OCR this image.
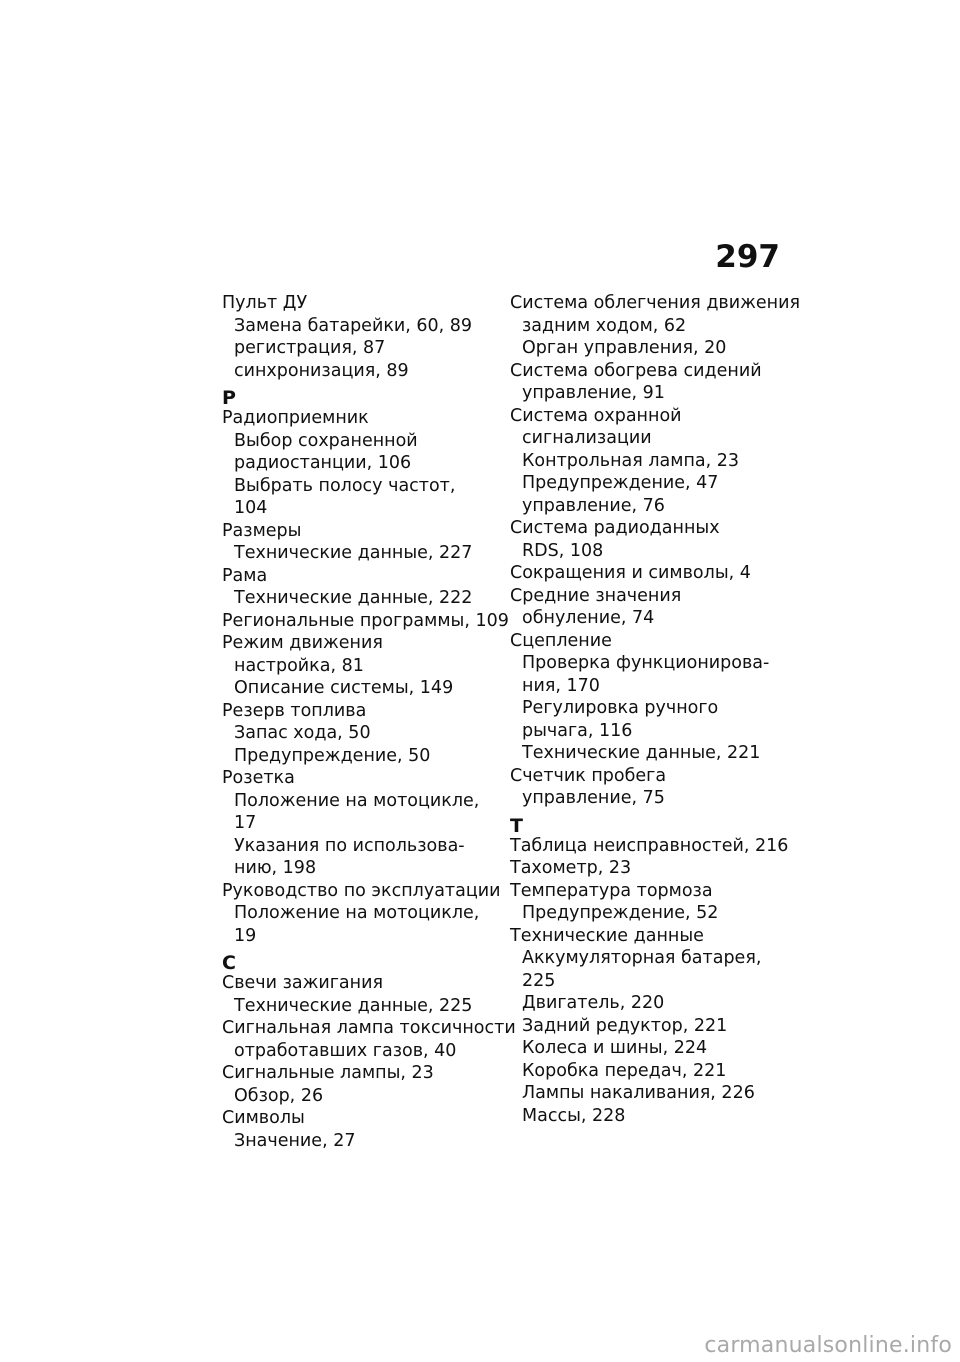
297
Пульт ДУ
Замена батарейки, 60, 89
регистрация, 87
синхронизация, 89
Р
Радиоприемник
Выбор сохраненной
радиостанции, 106
Выбрать полосу частот, 104
Размеры
Технические данные, 227
Рама
Технические данные, 222
Региональные программы, 109
Режим движения
настройка, 81
Описание системы, 149
Резерв топлива
Запас хода, 50
Предупреждение, 50
Розетка
Положение на мотоцикле, 17
Указания по использова-
нию, 198
Руководство по эксплуатации
Положение на мотоцикле, 19
С
Свечи зажигания
Технические данные, 225
Сигнальная лампа токсичности
отработавших газов, 40
Сигнальные лампы, 23
Обзор, 26
Символы
Значение, 27
Система облегчения движения
задним ходом, 62
Орган управления, 20
Система обогрева сидений
управление, 91
Система охранной
сигнализации
Контрольная лампа, 23
Предупреждение, 47
управление, 76
Система радиоданных
RDS, 108
Сокращения и символы, 4
Средние значения
обнуление, 74
Сцепление
Проверка функционирова-
ния, 170
Регулировка ручного
рычага, 116
Технические данные, 221
Счетчик пробега
управление, 75
Т
Таблица неисправностей, 216
Тахометр, 23
Температура тормоза
Предупреждение, 52
Технические данные
Аккумуляторная батарея, 225
Двигатель, 220
Задний редуктор, 221
Колеса и шины, 224
Коробка передач, 221
Лампы накаливания, 226
Массы, 228
carmanualsonline.info
